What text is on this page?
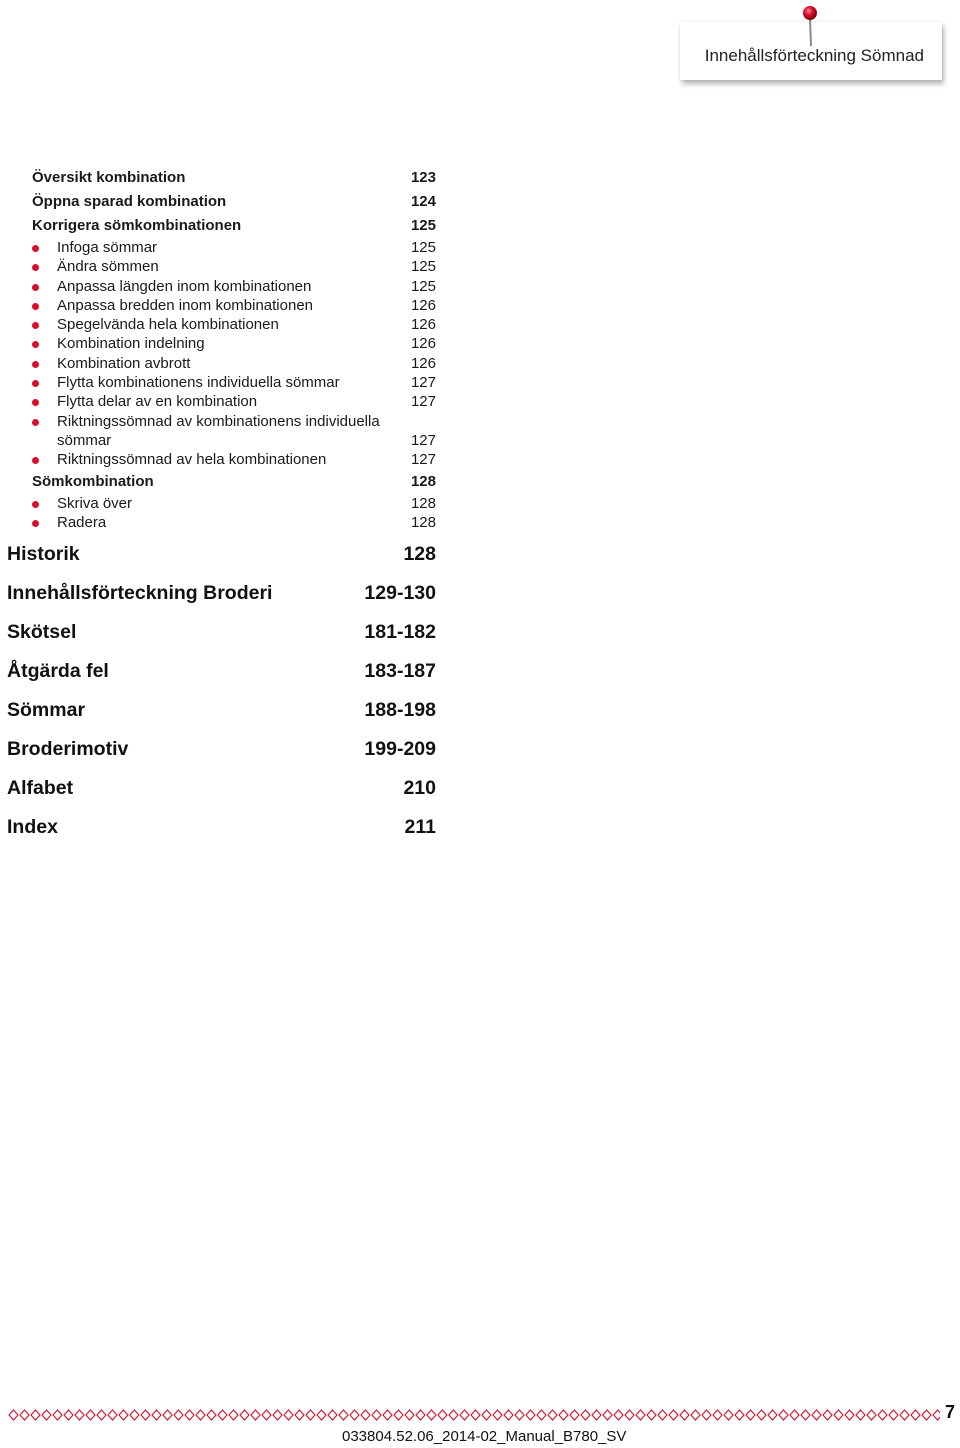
Innehållsförteckning Sömnad
Översikt kombination	123
Öppna sparad kombination	124
Korrigera sömkombinationen	125
Infoga sömmar	125
Ändra sömmen	125
Anpassa längden inom kombinationen	125
Anpassa bredden inom kombinationen	126
Spegelvända hela kombinationen	126
Kombination indelning	126
Kombination avbrott	126
Flytta kombinationens individuella sömmar	127
Flytta delar av en kombination	127
Riktningssömnad av kombinationens individuella
sömmar	127
Riktningssömnad av hela kombinationen	127
Sömkombination	128
Skriva över	128
Radera	128
Historik	128
Innehållsförteckning Broderi	129-130
Skötsel	181-182
Åtgärda fel	183-187
Sömmar	188-198
Broderimotiv	199-209
Alfabet	210
Index	211
7
033804.52.06_2014-02_Manual_B780_SV
